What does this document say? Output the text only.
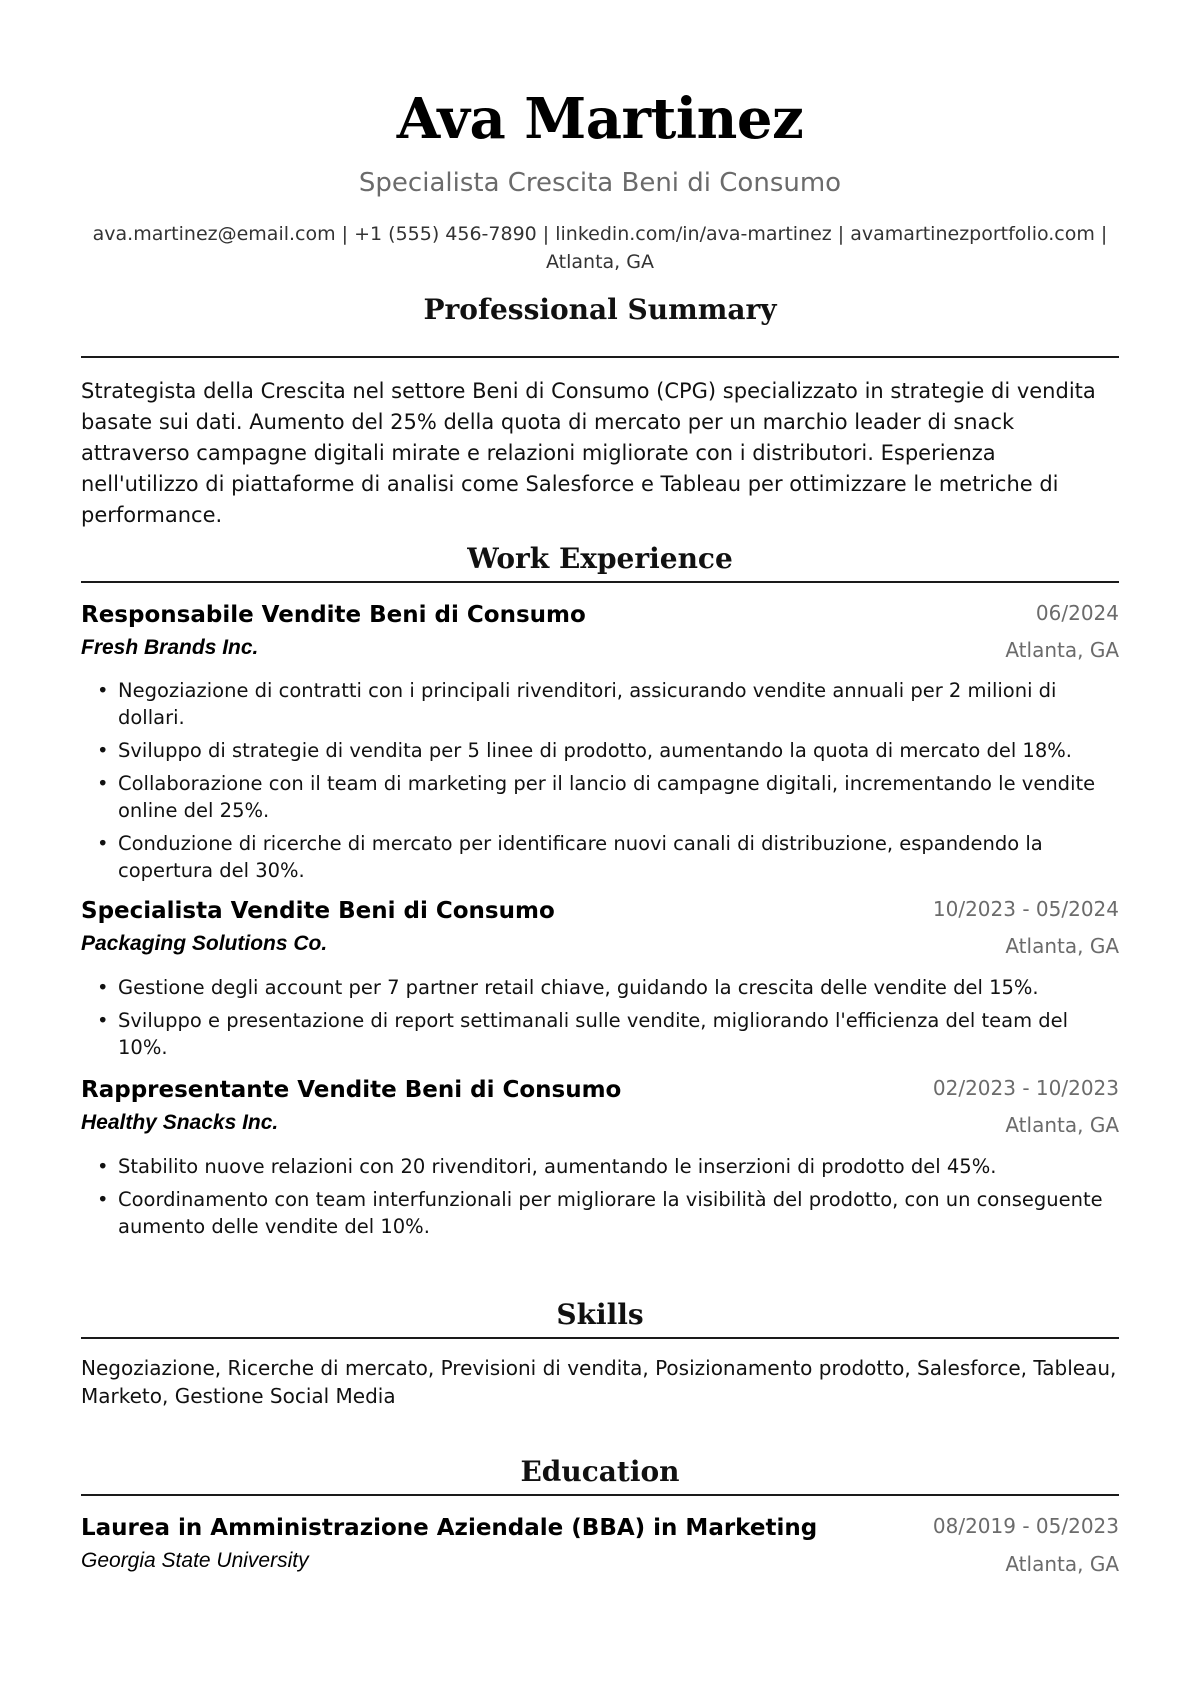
Ava Martinez
Specialista Crescita Beni di Consumo
ava.martinez@email.com | +1 (555) 456-7890 | linkedin.com/in/ava-martinez | avamartinezportfolio.com |
Atlanta, GA
Professional Summary
Strategista della Crescita nel settore Beni di Consumo (CPG) specializzato in strategie di vendita basate sui dati. Aumento del 25% della quota di mercato per un marchio leader di snack attraverso campagne digitali mirate e relazioni migliorate con i distributori. Esperienza nell'utilizzo di piattaforme di analisi come Salesforce e Tableau per ottimizzare le metriche di performance.
Work Experience
Responsabile Vendite Beni di Consumo	06/2024
Fresh Brands Inc.	Atlanta, GA
• Negoziazione di contratti con i principali rivenditori, assicurando vendite annuali per 2 milioni di dollari.
• Sviluppo di strategie di vendita per 5 linee di prodotto, aumentando la quota di mercato del 18%.
• Collaborazione con il team di marketing per il lancio di campagne digitali, incrementando le vendite online del 25%.
• Conduzione di ricerche di mercato per identificare nuovi canali di distribuzione, espandendo la copertura del 30%.
Specialista Vendite Beni di Consumo	10/2023 - 05/2024
Packaging Solutions Co.	Atlanta, GA
• Gestione degli account per 7 partner retail chiave, guidando la crescita delle vendite del 15%.
• Sviluppo e presentazione di report settimanali sulle vendite, migliorando l'efficienza del team del 10%.
Rappresentante Vendite Beni di Consumo	02/2023 - 10/2023
Healthy Snacks Inc.	Atlanta, GA
• Stabilito nuove relazioni con 20 rivenditori, aumentando le inserzioni di prodotto del 45%.
• Coordinamento con team interfunzionali per migliorare la visibilità del prodotto, con un conseguente aumento delle vendite del 10%.
Skills
Negoziazione, Ricerche di mercato, Previsioni di vendita, Posizionamento prodotto, Salesforce, Tableau, Marketo, Gestione Social Media
Education
Laurea in Amministrazione Aziendale (BBA) in Marketing	08/2019 - 05/2023
Georgia State University	Atlanta, GA
